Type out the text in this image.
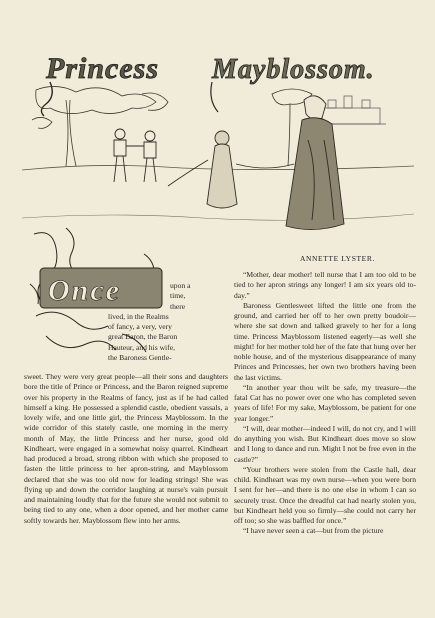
Princess Mayblossom.
ANNETTE LYSTER.
Once	upon a
time,
there
lived, in the Realms
of fancy, a very, very
great Baron, the Baron
Hauteur, and his wife,
the Baroness Gentle-

sweet. They were very great people—all their sons and daughters bore the title of Prince or Princess, and the Baron reigned supreme over his property in the Realms of fancy, just as if he had called himself a king. He possessed a splendid castle, obedient vassals, a lovely wife, and one little girl, the Princess Mayblossom. In the wide corridor of this stately castle, one morning in the merry month of May, the little Princess and her nurse, good old Kindheart, were engaged in a somewhat noisy quarrel. Kindheart had produced a broad, strong ribbon with which she proposed to fasten the little princess to her apron-string, and Mayblossom declared that she was too old now for leading strings! She was flying up and down the corridor laughing at nurse's vain pursuit and maintaining loudly that for the future she would not submit to being tied to any one, when a door opened, and her mother came softly towards her. Mayblossom flew into her arms.

“Mother, dear mother! tell nurse that I am too old to be tied to her apron strings any longer! I am six years old to-day.”

Baroness Gentlesweet lifted the little one from the ground, and carried her off to her own pretty boudoir—where she sat down and talked gravely to her for a long time. Princess Mayblossom listened eagerly—as well she might! for her mother told her of the fate that hung over her noble house, and of the mysterious disappearance of many Princes and Princesses, her own two brothers having been the last victims.

“In another year thou wilt be safe, my treasure—the fatal Cat has no power over one who has completed seven years of life! For my sake, Mayblossom, be patient for one year longer.”

“I will, dear mother—indeed I will, do not cry, and I will do anything you wish. But Kindheart does move so slow and I long to dance and run. Might I not be free even in the castle?”

“Your brothers were stolen from the Castle hall, dear child. Kindheart was my own nurse—when you were born I sent for her—and there is no one else in whom I can so securely trust. Once the dreadful cat had nearly stolen you, but Kindheart held you so firmly—she could not carry her off too; so she was baffled for once.”

“I have never seen a cat—but from the picture
